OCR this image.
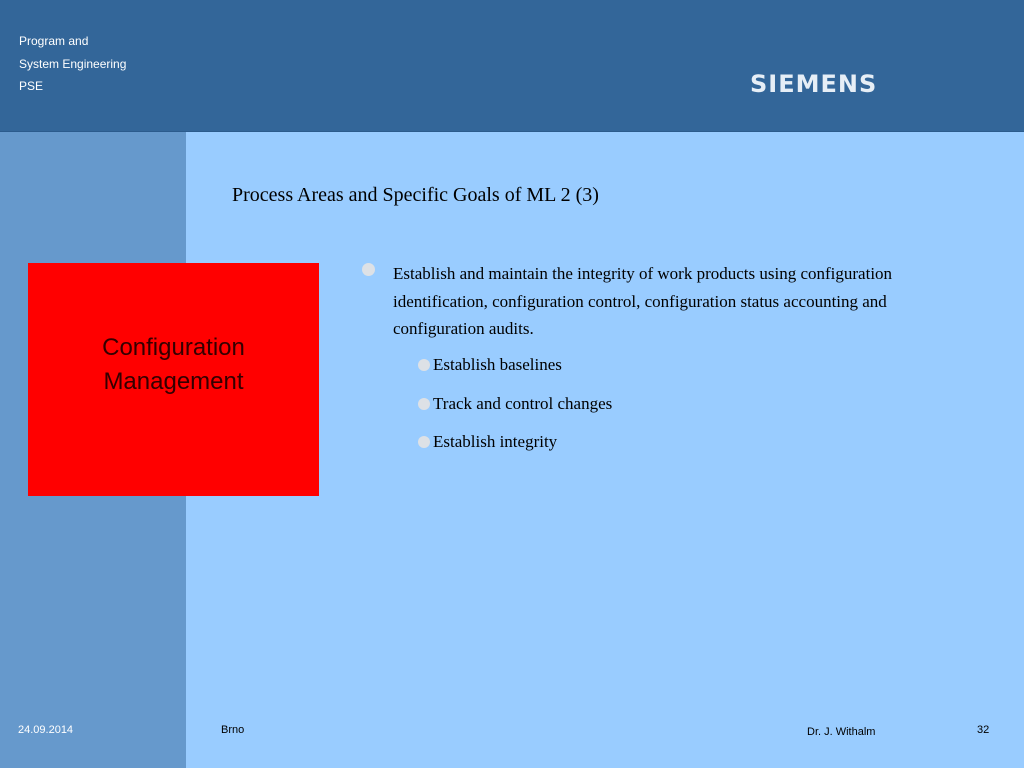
Program and
System Engineering
PSE	SIEMENS
Process Areas and Specific Goals of ML 2 (3)
Configuration
Management
Establish and maintain the integrity of work products using configuration identification, configuration control, configuration status accounting and configuration audits.
Establish baselines
Track and control changes
Establish integrity
24.09.2014	Brno	Dr. J. Withalm	32
